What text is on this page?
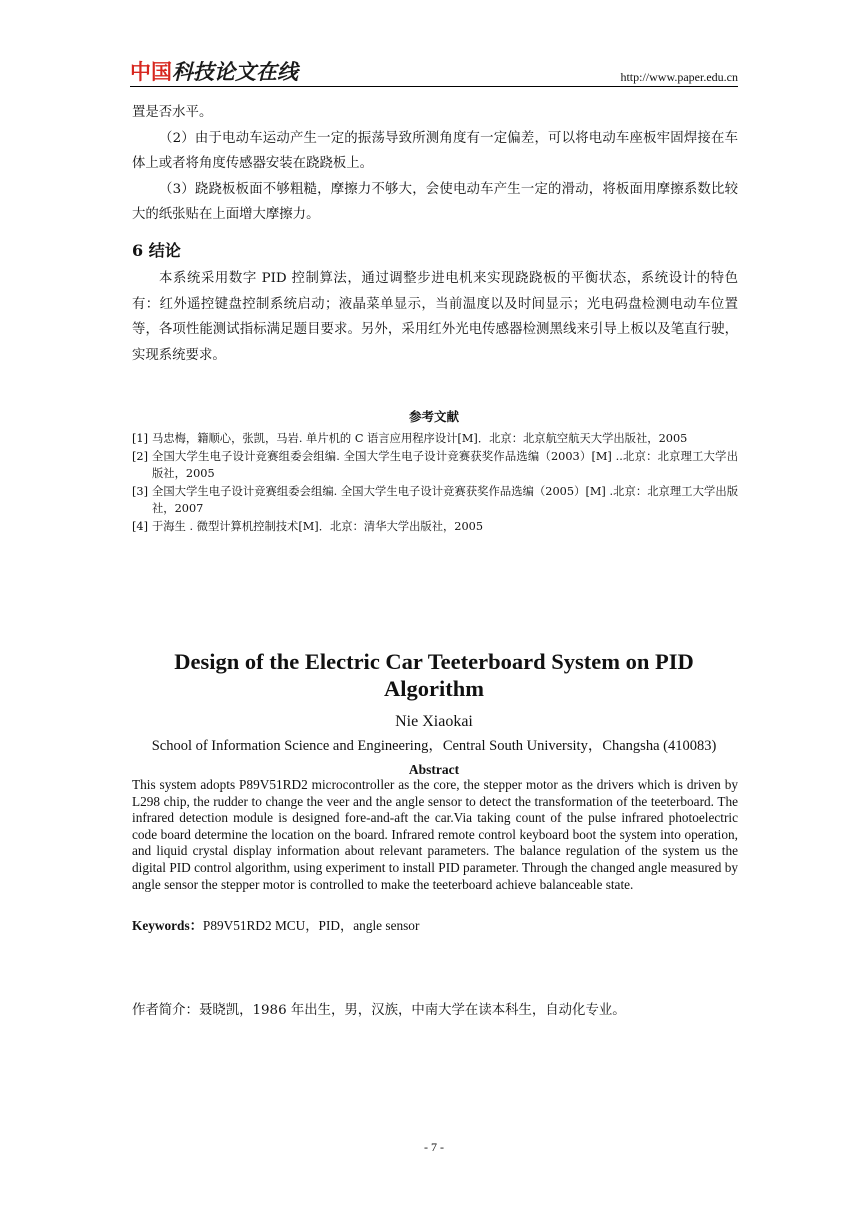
中国科技论文在线	http://www.paper.edu.cn

置是否水平。

（2）由于电动车运动产生一定的振荡导致所测角度有一定偏差，可以将电动车座板牢固焊接在车体上或者将角度传感器安装在跷跷板上。

（3）跷跷板板面不够粗糙，摩擦力不够大，会使电动车产生一定的滑动，将板面用摩擦系数比较大的纸张贴在上面增大摩擦力。

6 结论

本系统采用数字 PID 控制算法，通过调整步进电机来实现跷跷板的平衡状态，系统设计的特色有：红外遥控键盘控制系统启动；液晶菜单显示，当前温度以及时间显示；光电码盘检测电动车位置等，各项性能测试指标满足题目要求。另外，采用红外光电传感器检测黑线来引导上板以及笔直行驶，实现系统要求。

参考文献
[1] 马忠梅，籍顺心，张凯，马岩. 单片机的 C 语言应用程序设计[M]．北京：北京航空航天大学出版社，2005
[2] 全国大学生电子设计竞赛组委会组编. 全国大学生电子设计竞赛获奖作品选编（2003）[M] ..北京：北京理工大学出版社，2005
[3] 全国大学生电子设计竞赛组委会组编. 全国大学生电子设计竞赛获奖作品选编（2005）[M] .北京：北京理工大学出版社，2007
[4] 于海生 . 微型计算机控制技术[M]．北京：清华大学出版社，2005
Design of the Electric Car Teeterboard System on PID Algorithm
Nie Xiaokai
School of Information Science and Engineering，Central South University，Changsha (410083)
Abstract
This system adopts P89V51RD2 microcontroller as the core, the stepper motor as the drivers which is driven by L298 chip, the rudder to change the veer and the angle sensor to detect the transformation of the teeterboard. The infrared detection module is designed fore-and-aft the car.Via taking count of the pulse infrared photoelectric code board determine the location on the board. Infrared remote control keyboard boot the system into operation, and liquid crystal display information about relevant parameters. The balance regulation of the system us the digital PID control algorithm, using experiment to install PID parameter. Through the changed angle measured by angle sensor the stepper motor is controlled to make the teeterboard achieve balanceable state.
Keywords：P89V51RD2 MCU，PID，angle sensor
作者简介：聂晓凯，1986 年出生，男，汉族，中南大学在读本科生，自动化专业。
- 7 -
